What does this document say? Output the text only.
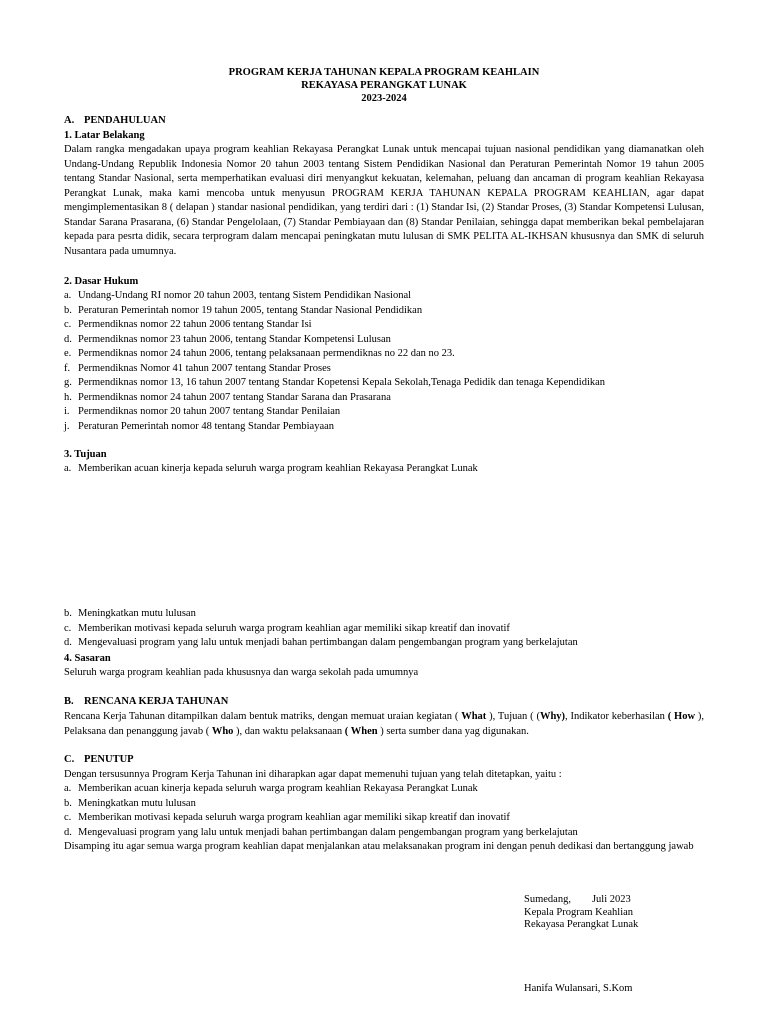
PROGRAM KERJA TAHUNAN KEPALA PROGRAM KEAHLAIN
REKAYASA PERANGKAT LUNAK
2023-2024
A. PENDAHULUAN
1. Latar Belakang
Dalam rangka mengadakan upaya program keahlian Rekayasa Perangkat Lunak untuk mencapai tujuan nasional pendidikan yang diamanatkan oleh Undang-Undang Republik Indonesia Nomor 20 tahun 2003 tentang Sistem Pendidikan Nasional dan Peraturan Pemerintah Nomor 19 tahun 2005 tentang Standar Nasional, serta memperhatikan evaluasi diri menyangkut kekuatan, kelemahan, peluang dan ancaman di program keahlian Rekayasa Perangkat Lunak, maka kami mencoba untuk menyusun PROGRAM KERJA TAHUNAN KEPALA PROGRAM KEAHLIAN, agar dapat mengimplementasikan 8 ( delapan ) standar nasional pendidikan, yang terdiri dari : (1) Standar Isi, (2) Standar Proses, (3) Standar Kompetensi Lulusan, Standar Sarana Prasarana, (6) Standar Pengelolaan, (7) Standar Pembiayaan dan (8) Standar Penilaian, sehingga dapat memberikan bekal pembelajaran kepada para pesrta didik, secara terprogram dalam mencapai peningkatan mutu lulusan di SMK PELITA AL-IKHSAN khususnya dan SMK di seluruh Nusantara pada umumnya.
2. Dasar Hukum
a. Undang-Undang RI nomor 20 tahun 2003, tentang Sistem Pendidikan Nasional
b. Peraturan Pemerintah nomor 19 tahun 2005, tentang Standar Nasional Pendidikan
c. Permendiknas nomor 22 tahun 2006 tentang Standar Isi
d. Permendiknas nomor 23 tahun 2006, tentang Standar Kompetensi Lulusan
e. Permendiknas nomor 24 tahun 2006, tentang pelaksanaan permendiknas no 22 dan no 23.
f. Permendiknas Nomor 41 tahun 2007 tentang Standar Proses
g. Permendiknas nomor 13, 16 tahun 2007 tentang Standar Kopetensi Kepala Sekolah,Tenaga Pedidik dan tenaga Kependidikan
h. Permendiknas nomor 24 tahun 2007 tentang Standar Sarana dan Prasarana
i. Permendiknas nomor 20 tahun 2007 tentang Standar Penilaian
j. Peraturan Pemerintah nomor 48 tentang Standar Pembiayaan
3. Tujuan
a. Memberikan acuan kinerja kepada seluruh warga program keahlian Rekayasa Perangkat Lunak
b. Meningkatkan mutu lulusan
c. Memberikan motivasi kepada seluruh warga program keahlian agar memiliki sikap kreatif dan inovatif
d. Mengevaluasi program yang lalu untuk menjadi bahan pertimbangan dalam pengembangan program yang berkelajutan
4. Sasaran
Seluruh warga program keahlian pada khususnya dan warga sekolah pada umumnya
B. RENCANA KERJA TAHUNAN
Rencana Kerja Tahunan ditampilkan dalam bentuk matriks, dengan memuat uraian kegiatan ( What ), Tujuan ( (Why), Indikator keberhasilan ( How ), Pelaksana dan penanggung javab ( Who ), dan waktu pelaksanaan ( When ) serta sumber dana yag digunakan.
C. PENUTUP
Dengan tersusunnya Program Kerja Tahunan ini diharapkan agar dapat memenuhi tujuan yang telah ditetapkan, yaitu :
a. Memberikan acuan kinerja kepada seluruh warga program keahlian Rekayasa Perangkat Lunak
b. Meningkatkan mutu lulusan
c. Memberikan motivasi kepada seluruh warga program keahlian agar memiliki sikap kreatif dan inovatif
d. Mengevaluasi program yang lalu untuk menjadi bahan pertimbangan dalam pengembangan program yang berkelajutan
Disamping itu agar semua warga program keahlian dapat menjalankan atau melaksanakan program ini dengan penuh dedikasi dan bertanggung jawab
Sumedang,        Juli 2023
Kepala Program Keahlian
Rekayasa Perangkat Lunak
Hanifa Wulansari, S.Kom
